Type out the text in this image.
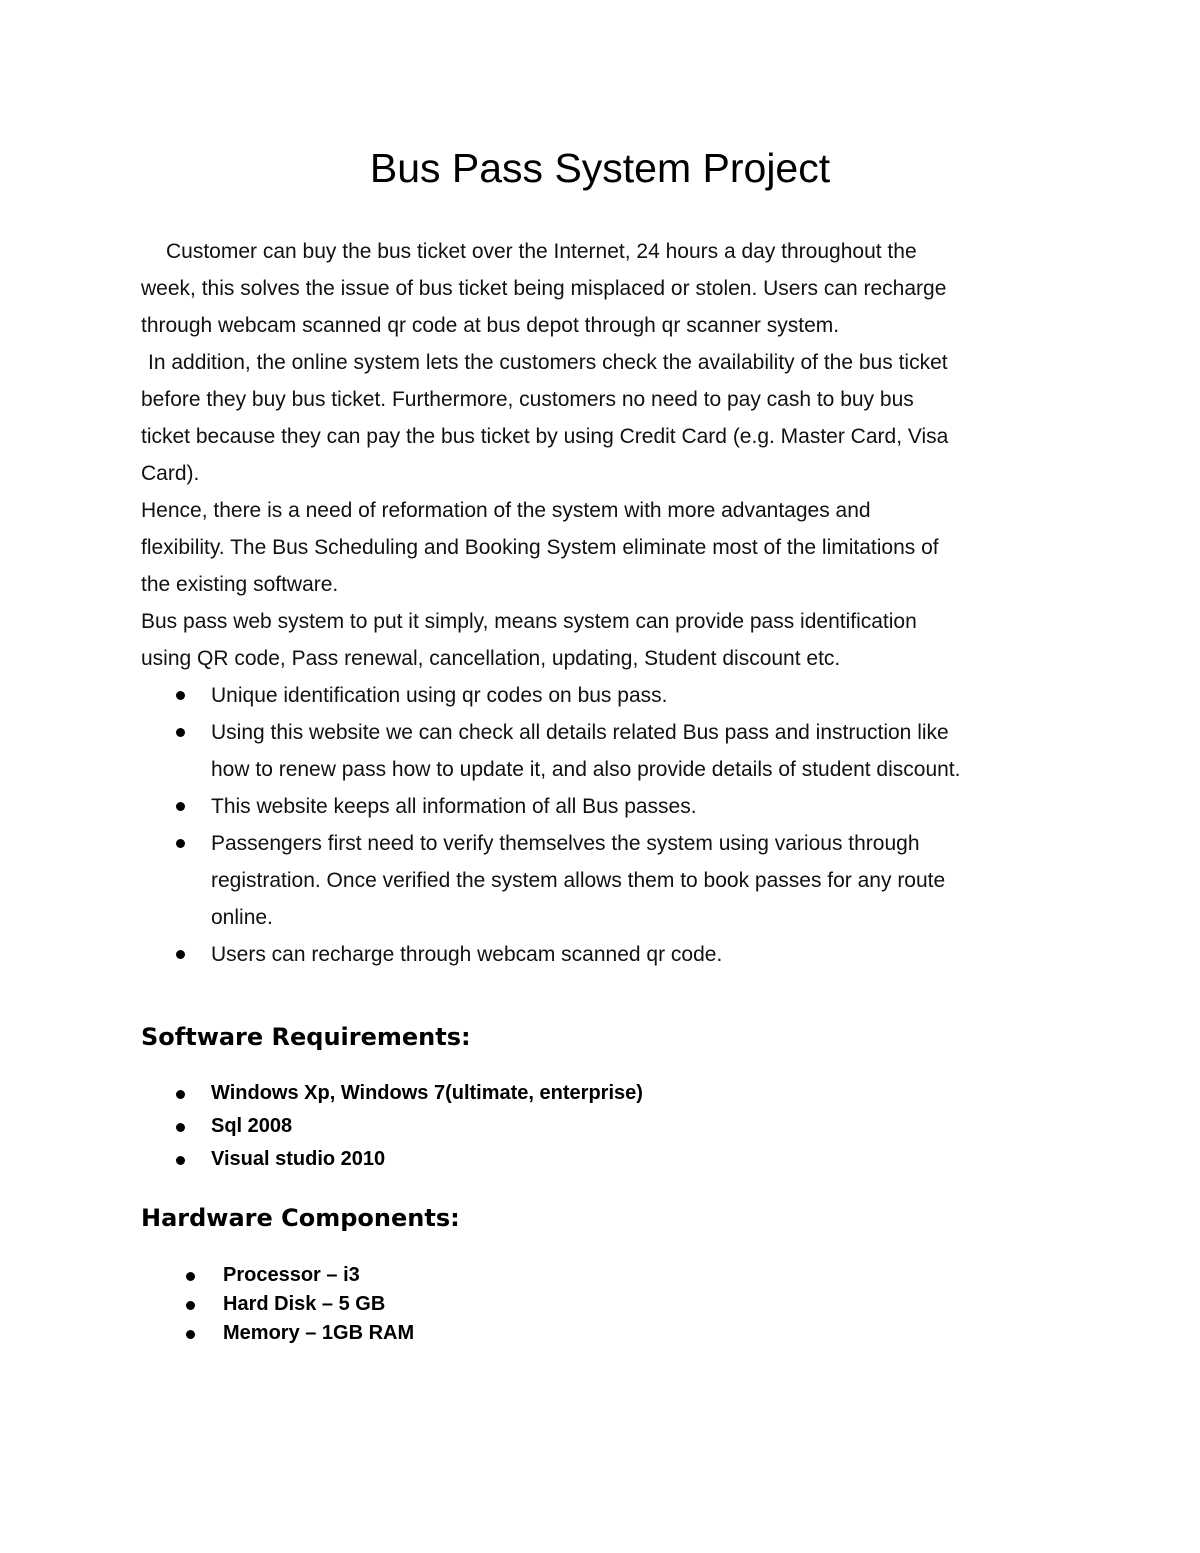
Bus Pass System Project

Customer can buy the bus ticket over the Internet, 24 hours a day throughout the
week, this solves the issue of bus ticket being misplaced or stolen. Users can recharge
through webcam scanned qr code at bus depot through qr scanner system.

In addition, the online system lets the customers check the availability of the bus ticket
before they buy bus ticket. Furthermore, customers no need to pay cash to buy bus
ticket because they can pay the bus ticket by using Credit Card (e.g. Master Card, Visa
Card).

Hence, there is a need of reformation of the system with more advantages and
flexibility. The Bus Scheduling and Booking System eliminate most of the limitations of
the existing software.

Bus pass web system to put it simply, means system can provide pass identification
using QR code, Pass renewal, cancellation, updating, Student discount etc.

Unique identification using qr codes on bus pass.
Using this website we can check all details related Bus pass and instruction like
how to renew pass how to update it, and also provide details of student discount.
This website keeps all information of all Bus passes.
Passengers first need to verify themselves the system using various through
registration. Once verified the system allows them to book passes for any route
online.
Users can recharge through webcam scanned qr code.
Software Requirements:
Windows Xp, Windows 7(ultimate, enterprise)
Sql 2008
Visual studio 2010
Hardware Components:
Processor – i3
Hard Disk – 5 GB
Memory – 1GB RAM
